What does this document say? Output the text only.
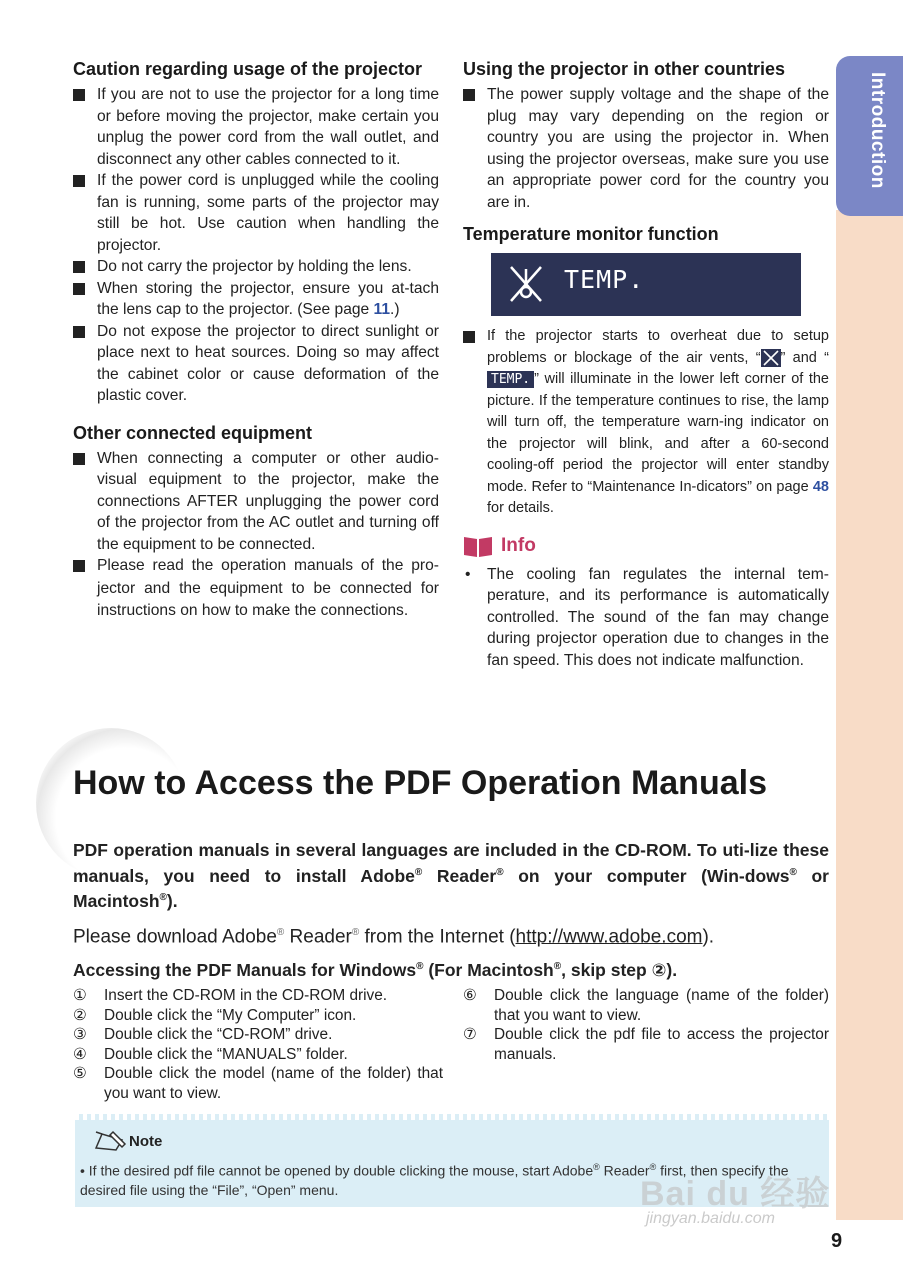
Introduction
Caution regarding usage of the projector
If you are not to use the projector for a long time or before moving the projector, make certain you unplug the power cord from the wall outlet, and disconnect any other cables connected to it.
If the power cord is unplugged while the cooling fan is running, some parts of the projector may still be hot. Use caution when handling the projector.
Do not carry the projector by holding the lens.
When storing the projector, ensure you at-tach the lens cap to the projector. (See page 11.)
Do not expose the projector to direct sunlight or place next to heat sources. Doing so may affect the cabinet color or cause deformation of the plastic cover.
Other connected equipment
When connecting a computer or other audio-visual equipment to the projector, make the connections AFTER unplugging the power cord of the projector from the AC outlet and turning off the equipment to be connected.
Please read the operation manuals of the pro-jector and the equipment to be connected for instructions on how to make the connections.
Using the projector in other countries
The power supply voltage and the shape of the plug may vary depending on the region or country you are using the projector in. When using the projector overseas, make sure you use an appropriate power cord for the country you are in.
Temperature monitor function
TEMP.
If the projector starts to overheat due to setup problems or blockage of the air vents, “ ” and “TEMP. ” will illuminate in the lower left corner of the picture. If the temperature continues to rise, the lamp will turn off, the temperature warn-ing indicator on the projector will blink, and after a 60-second cooling-off period the projector will enter standby mode. Refer to “Maintenance In-dicators” on page 48 for details.
Info
• The cooling fan regulates the internal tem-perature, and its performance is automatically controlled. The sound of the fan may change during projector operation due to changes in the fan speed. This does not indicate malfunction.
How to Access the PDF Operation Manuals
PDF operation manuals in several languages are included in the CD-ROM. To uti-lize these manuals, you need to install Adobe® Reader® on your computer (Win-dows® or Macintosh®).
Please download Adobe® Reader® from the Internet (http://www.adobe.com).
Accessing the PDF Manuals for Windows® (For Macintosh®, skip step ②).
① Insert the CD-ROM in the CD-ROM drive.
② Double click the “My Computer” icon.
③ Double click the “CD-ROM” drive.
④ Double click the “MANUALS” folder.
⑤ Double click the model (name of the folder) that you want to view.
⑥ Double click the language (name of the folder) that you want to view.
⑦ Double click the pdf file to access the projector manuals.
Note
• If the desired pdf file cannot be opened by double clicking the mouse, start Adobe® Reader® first, then specify the desired file using the “File”, “Open” menu.	Bai du 经验
jingyan.baidu.com
9
